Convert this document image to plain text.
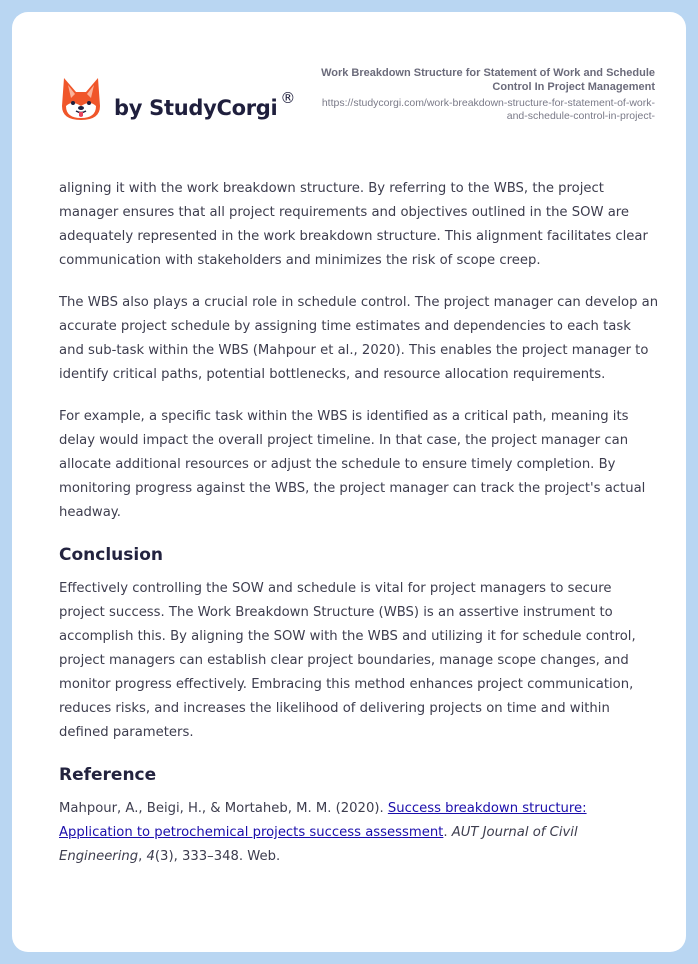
by StudyCorgi ®
Work Breakdown Structure for Statement of Work and Schedule Control In Project Management
https://studycorgi.com/work-breakdown-structure-for-statement-of-work-and-schedule-control-in-project-

aligning it with the work breakdown structure. By referring to the WBS, the project manager ensures that all project requirements and objectives outlined in the SOW are adequately represented in the work breakdown structure. This alignment facilitates clear communication with stakeholders and minimizes the risk of scope creep.

The WBS also plays a crucial role in schedule control. The project manager can develop an accurate project schedule by assigning time estimates and dependencies to each task and sub-task within the WBS (Mahpour et al., 2020). This enables the project manager to identify critical paths, potential bottlenecks, and resource allocation requirements.

For example, a specific task within the WBS is identified as a critical path, meaning its delay would impact the overall project timeline. In that case, the project manager can allocate additional resources or adjust the schedule to ensure timely completion. By monitoring progress against the WBS, the project manager can track the project's actual headway.

Conclusion

Effectively controlling the SOW and schedule is vital for project managers to secure project success. The Work Breakdown Structure (WBS) is an assertive instrument to accomplish this. By aligning the SOW with the WBS and utilizing it for schedule control, project managers can establish clear project boundaries, manage scope changes, and monitor progress effectively. Embracing this method enhances project communication, reduces risks, and increases the likelihood of delivering projects on time and within defined parameters.

Reference

Mahpour, A., Beigi, H., & Mortaheb, M. M. (2020). Success breakdown structure: Application to petrochemical projects success assessment. AUT Journal of Civil Engineering, 4(3), 333–348. Web.
